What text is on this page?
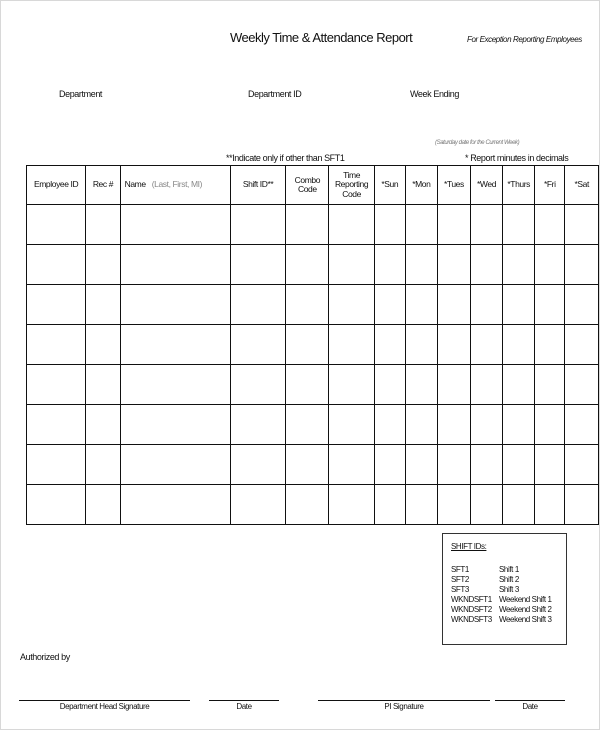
Weekly Time & Attendance Report	For Exception Reporting Employees
Department	Department ID	Week Ending
(Saturday date for the Current Week)
**Indicate only if other than SFT1	* Report minutes in decimals
Employee ID	Rec #	Name (Last, First, MI)	Shift ID**	Combo Code	Time Reporting Code	*Sun	*Mon	*Tues	*Wed	*Thurs	*Fri	*Sat

SHIFT IDs:
SFT1	Shift 1
SFT2	Shift 2
SFT3	Shift 3
WKNDSFT1 Weekend Shift 1
WKNDSFT2 Weekend Shift 2
WKNDSFT3 Weekend Shift 3
Authorized by
Department Head Signature	Date	PI Signature	Date
